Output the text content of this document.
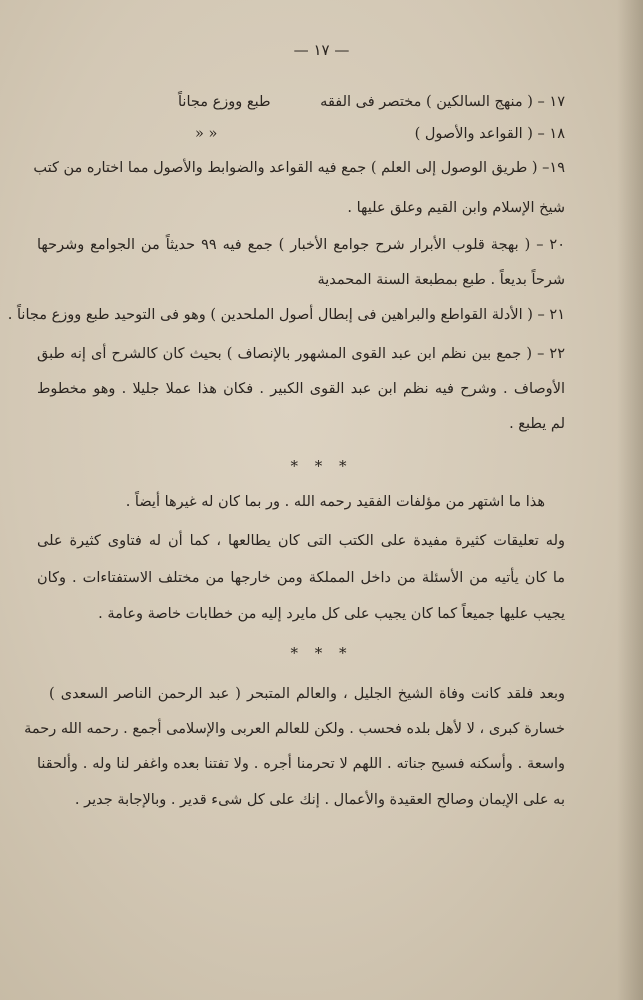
— ١٧ —
١٧ – ( منهج السالكين ) مختصر فى الفقه
طبع ووزع مجاناً
١٨ – ( القواعد والأصول )
« «
١٩– ( طريق الوصول إلى العلم ) جمع فيه القواعد والضوابط والأصول مما اختاره من كتب
شيخ الإسلام وابن القيم وعلق عليها .
٢٠ – ( بهجة قلوب الأبرار شرح جوامع الأخبار ) جمع فيه ٩٩ حديثاً من الجوامع وشرحها
شرحاً بديعاً . طبع بمطبعة السنة المحمدية
٢١ – ( الأدلة القواطع والبراهين فى إبطال أصول الملحدين ) وهو فى التوحيد طبع ووزع مجاناً .
٢٢ – ( جمع بين نظم ابن عبد القوى المشهور بالإنصاف ) بحيث كان كالشرح أى إنه طبق
الأوصاف . وشرح فيه نظم ابن عبد القوى الكبير . فكان هذا عملا جليلا . وهو مخطوط
لم يطبع .
* * *
هذا ما اشتهر من مؤلفات الفقيد رحمه الله . ور بما كان له غيرها أيضاً .
وله تعليقات كثيرة مفيدة على الكتب التى كان يطالعها ، كما أن له فتاوى كثيرة على
ما كان يأتيه من الأسئلة من داخل المملكة ومن خارجها من مختلف الاستفتاءات . وكان
يجيب عليها جميعاً كما كان يجيب على كل مايرد إليه من خطابات خاصة وعامة .
* * *
وبعد فلقد كانت وفاة الشيخ الجليل ، والعالم المتبحر ( عبد الرحمن الناصر السعدى )
خسارة كبرى ، لا لأهل بلده فحسب . ولكن للعالم العربى والإسلامى أجمع . رحمه الله رحمة
واسعة . وأسكنه فسيح جناته . اللهم لا تحرمنا أجره . ولا تفتنا بعده واغفر لنا وله . وألحقنا
به على الإيمان وصالح العقيدة والأعمال . إنك على كل شىء قدير . وبالإجابة جدير .
